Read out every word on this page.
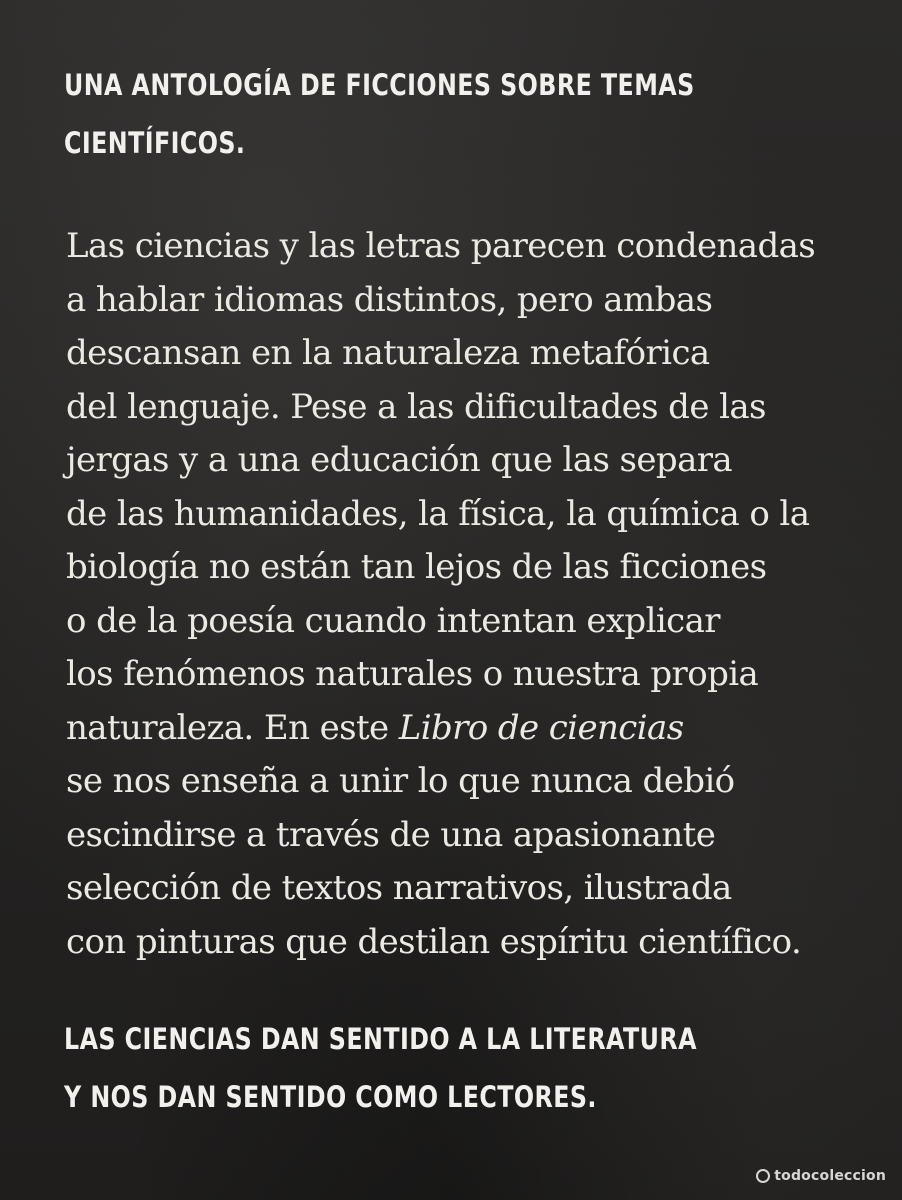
UNA ANTOLOGÍA DE FICCIONES SOBRE TEMAS
CIENTÍFICOS.
Las ciencias y las letras parecen condenadas
a hablar idiomas distintos, pero ambas
descansan en la naturaleza metafórica
del lenguaje. Pese a las dificultades de las
jergas y a una educación que las separa
de las humanidades, la física, la química o la
biología no están tan lejos de las ficciones
o de la poesía cuando intentan explicar
los fenómenos naturales o nuestra propia
naturaleza. En este Libro de ciencias
se nos enseña a unir lo que nunca debió
escindirse a través de una apasionante
selección de textos narrativos, ilustrada
con pinturas que destilan espíritu científico.
LAS CIENCIAS DAN SENTIDO A LA LITERATURA
Y NOS DAN SENTIDO COMO LECTORES.
todocoleccion
